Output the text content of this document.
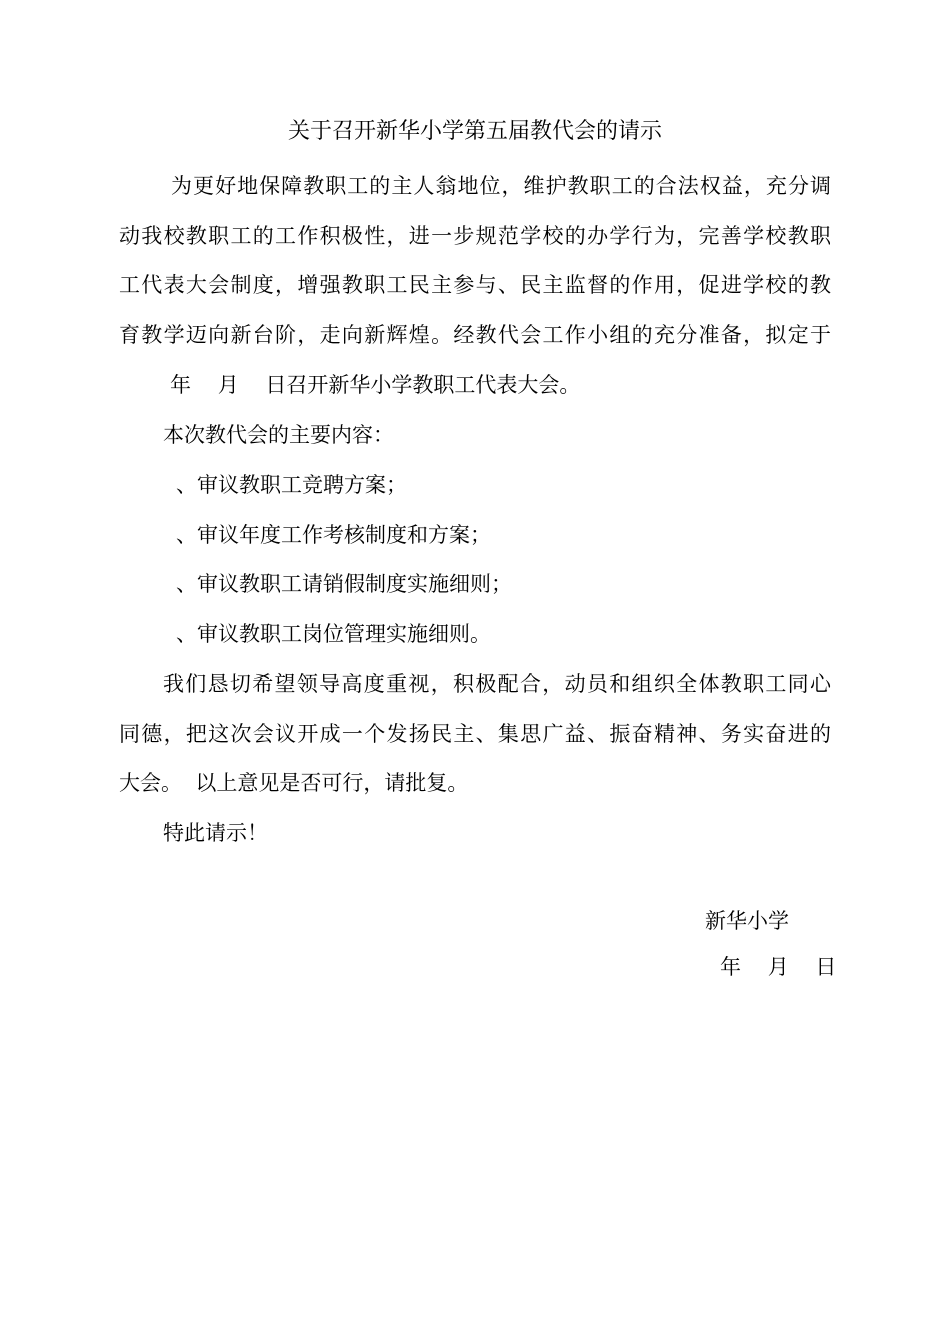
关于召开新华小学第五届教代会的请示
为更好地保障教职工的主人翁地位，维护教职工的合法权益，充分调
动我校教职工的工作积极性，进一步规范学校的办学行为，完善学校教职
工代表大会制度，增强教职工民主参与、民主监督的作用，促进学校的教
育教学迈向新台阶，走向新辉煌。经教代会工作小组的充分准备，拟定于
年    月    日召开新华小学教职工代表大会。
本次教代会的主要内容：
、审议教职工竞聘方案；
、审议年度工作考核制度和方案；
、审议教职工请销假制度实施细则；
、审议教职工岗位管理实施细则。
我们恳切希望领导高度重视，积极配合，动员和组织全体教职工同心
同德，把这次会议开成一个发扬民主、集思广益、振奋精神、务实奋进的
大会。  以上意见是否可行，请批复。
特此请示！
新华小学
年    月    日
